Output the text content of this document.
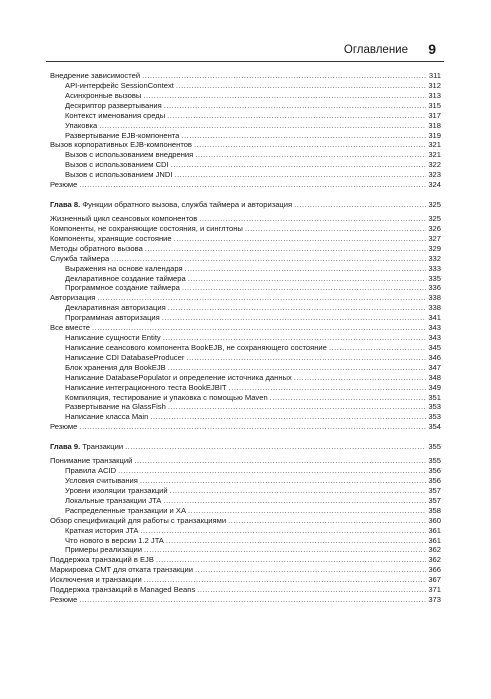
Оглавление 9
Внедрение зависимостей .....	311
API-интерфейс SessionContext .....	312
Асинхронные вызовы .....	313
Дескриптор развертывания .....	315
Контекст именования среды .....	317
Упаковка .....	318
Развертывание EJB-компонента .....	319
Вызов корпоративных EJB-компонентов .....	321
Вызов с использованием внедрения .....	321
Вызов с использованием CDI .....	322
Вызов с использованием JNDI .....	323
Резюме .....	324
Глава 8. Функции обратного вызова, служба таймера и авторизация .....	325
Жизненный цикл сеансовых компонентов .....	325
Компоненты, не сохраняющие состояния, и синглтоны .....	326
Компоненты, хранящие состояние .....	327
Методы обратного вызова .....	329
Служба таймера .....	332
Выражения на основе календаря .....	333
Декларативное создание таймера .....	335
Программное создание таймера .....	336
Авторизация .....	338
Декларативная авторизация .....	338
Программная авторизация .....	341
Все вместе .....	343
Написание сущности Entity .....	343
Написание сеансового компонента BookEJB, не сохраняющего состояние .....	345
Написание CDI DatabaseProducer .....	346
Блок хранения для BookEJB .....	347
Написание DatabasePopulator и определение источника данных .....	348
Написание интеграционного теста BookEJBIT .....	349
Компиляция, тестирование и упаковка с помощью Maven .....	351
Развертывание на GlassFish .....	353
Написание класса Main .....	353
Резюме .....	354
Глава 9. Транзакции .....	355
Понимание транзакций .....	355
Правила ACID .....	356
Условия считывания .....	356
Уровни изоляции транзакций .....	357
Локальные транзакции JTA .....	357
Распределенные транзакции и XA .....	358
Обзор спецификаций для работы с транзакциями .....	360
Краткая история JTA .....	361
Что нового в версии 1.2 JTA .....	361
Примеры реализации .....	362
Поддержка транзакций в EJB .....	362
Маркировка CMT для отката транзакции .....	366
Исключения и транзакции .....	367
Поддержка транзакций в Managed Beans .....	371
Резюме .....	373
